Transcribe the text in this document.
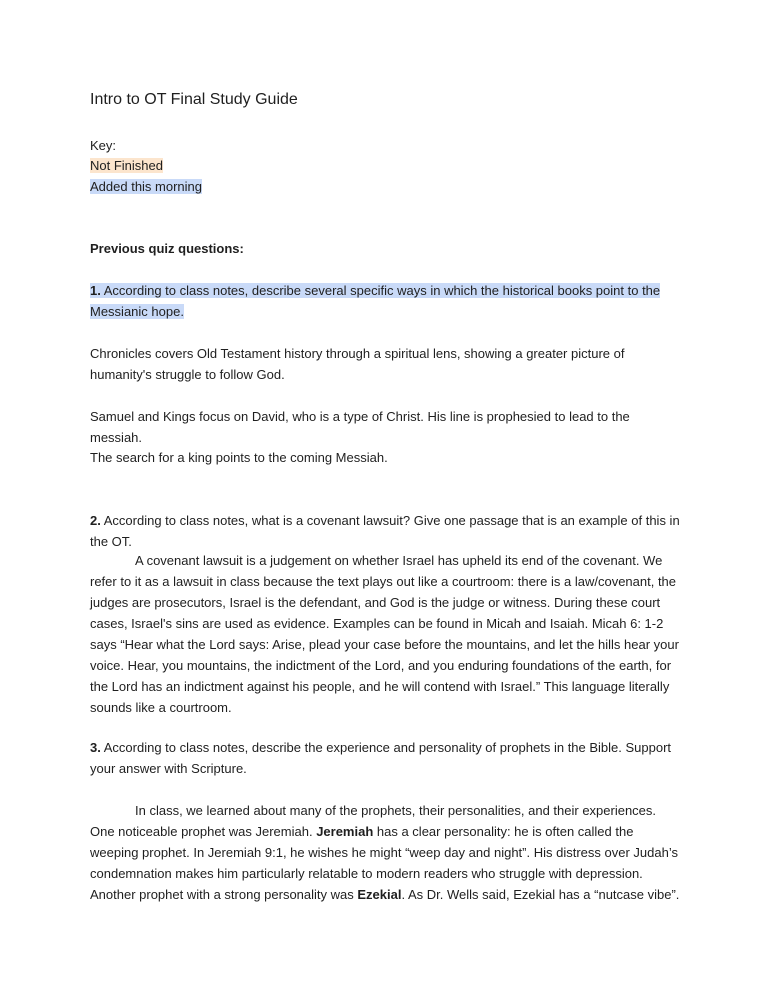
Intro to OT Final Study Guide
Key:
Not Finished
Added this morning
Previous quiz questions:
1. According to class notes, describe several specific ways in which the historical books point to the Messianic hope.
Chronicles covers Old Testament history through a spiritual lens, showing a greater picture of humanity's struggle to follow God.
Samuel and Kings focus on David, who is a type of Christ. His line is prophesied to lead to the messiah.
The search for a king points to the coming Messiah.
2. According to class notes, what is a covenant lawsuit? Give one passage that is an example of this in the OT.
A covenant lawsuit is a judgement on whether Israel has upheld its end of the covenant. We refer to it as a lawsuit in class because the text plays out like a courtroom: there is a law/covenant, the judges are prosecutors, Israel is the defendant, and God is the judge or witness. During these court cases, Israel's sins are used as evidence. Examples can be found in Micah and Isaiah. Micah 6: 1-2 says “Hear what the Lord says: Arise, plead your case before the mountains, and let the hills hear your voice. Hear, you mountains, the indictment of the Lord, and you enduring foundations of the earth, for the Lord has an indictment against his people, and he will contend with Israel.” This language literally sounds like a courtroom.
3. According to class notes, describe the experience and personality of prophets in the Bible. Support your answer with Scripture.
In class, we learned about many of the prophets, their personalities, and their experiences. One noticeable prophet was Jeremiah. Jeremiah has a clear personality: he is often called the weeping prophet. In Jeremiah 9:1, he wishes he might “weep day and night”. His distress over Judah’s condemnation makes him particularly relatable to modern readers who struggle with depression. Another prophet with a strong personality was Ezekial. As Dr. Wells said, Ezekial has a “nutcase vibe”.
